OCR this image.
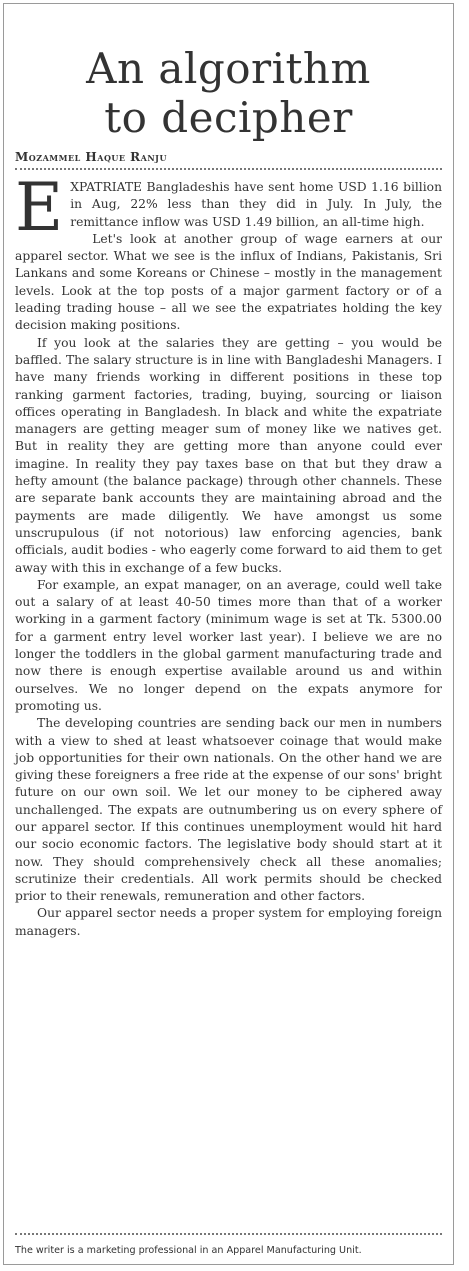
An algorithm
to decipher
Mozammel Haque Ranju

EXPATRIATE Bangladeshis have sent home USD 1.16 billion in Aug, 22% less than they did in July. In July, the remittance inflow was USD 1.49 billion, an all-time high.

Let's look at another group of wage earners at our apparel sector. What we see is the influx of Indians, Pakistanis, Sri Lankans and some Koreans or Chinese – mostly in the management levels. Look at the top posts of a major garment factory or of a leading trading house – all we see the expatriates holding the key decision making positions.

If you look at the salaries they are getting – you would be baffled. The salary structure is in line with Bangladeshi Managers. I have many friends working in different positions in these top ranking garment factories, trading, buying, sourcing or liaison offices operating in Bangladesh. In black and white the expatriate managers are getting meager sum of money like we natives get. But in reality they are getting more than anyone could ever imagine. In reality they pay taxes base on that but they draw a hefty amount (the balance package) through other channels. These are separate bank accounts they are maintaining abroad and the payments are made diligently. We have amongst us some unscrupulous (if not notorious) law enforcing agencies, bank officials, audit bodies - who eagerly come forward to aid them to get away with this in exchange of a few bucks.

For example, an expat manager, on an average, could well take out a salary of at least 40-50 times more than that of a worker working in a garment factory (minimum wage is set at Tk. 5300.00 for a garment entry level worker last year). I believe we are no longer the toddlers in the global garment manufacturing trade and now there is enough expertise available around us and within ourselves. We no longer depend on the expats anymore for promoting us.

The developing countries are sending back our men in numbers with a view to shed at least whatsoever coinage that would make job opportunities for their own nationals. On the other hand we are giving these foreigners a free ride at the expense of our sons' bright future on our own soil. We let our money to be ciphered away unchallenged. The expats are outnumbering us on every sphere of our apparel sector. If this continues unemployment would hit hard our socio economic factors. The legislative body should start at it now. They should comprehensively check all these anomalies; scrutinize their credentials. All work permits should be checked prior to their renewals, remuneration and other factors.

Our apparel sector needs a proper system for employing foreign managers.

The writer is a marketing professional in an Apparel Manufacturing Unit.
